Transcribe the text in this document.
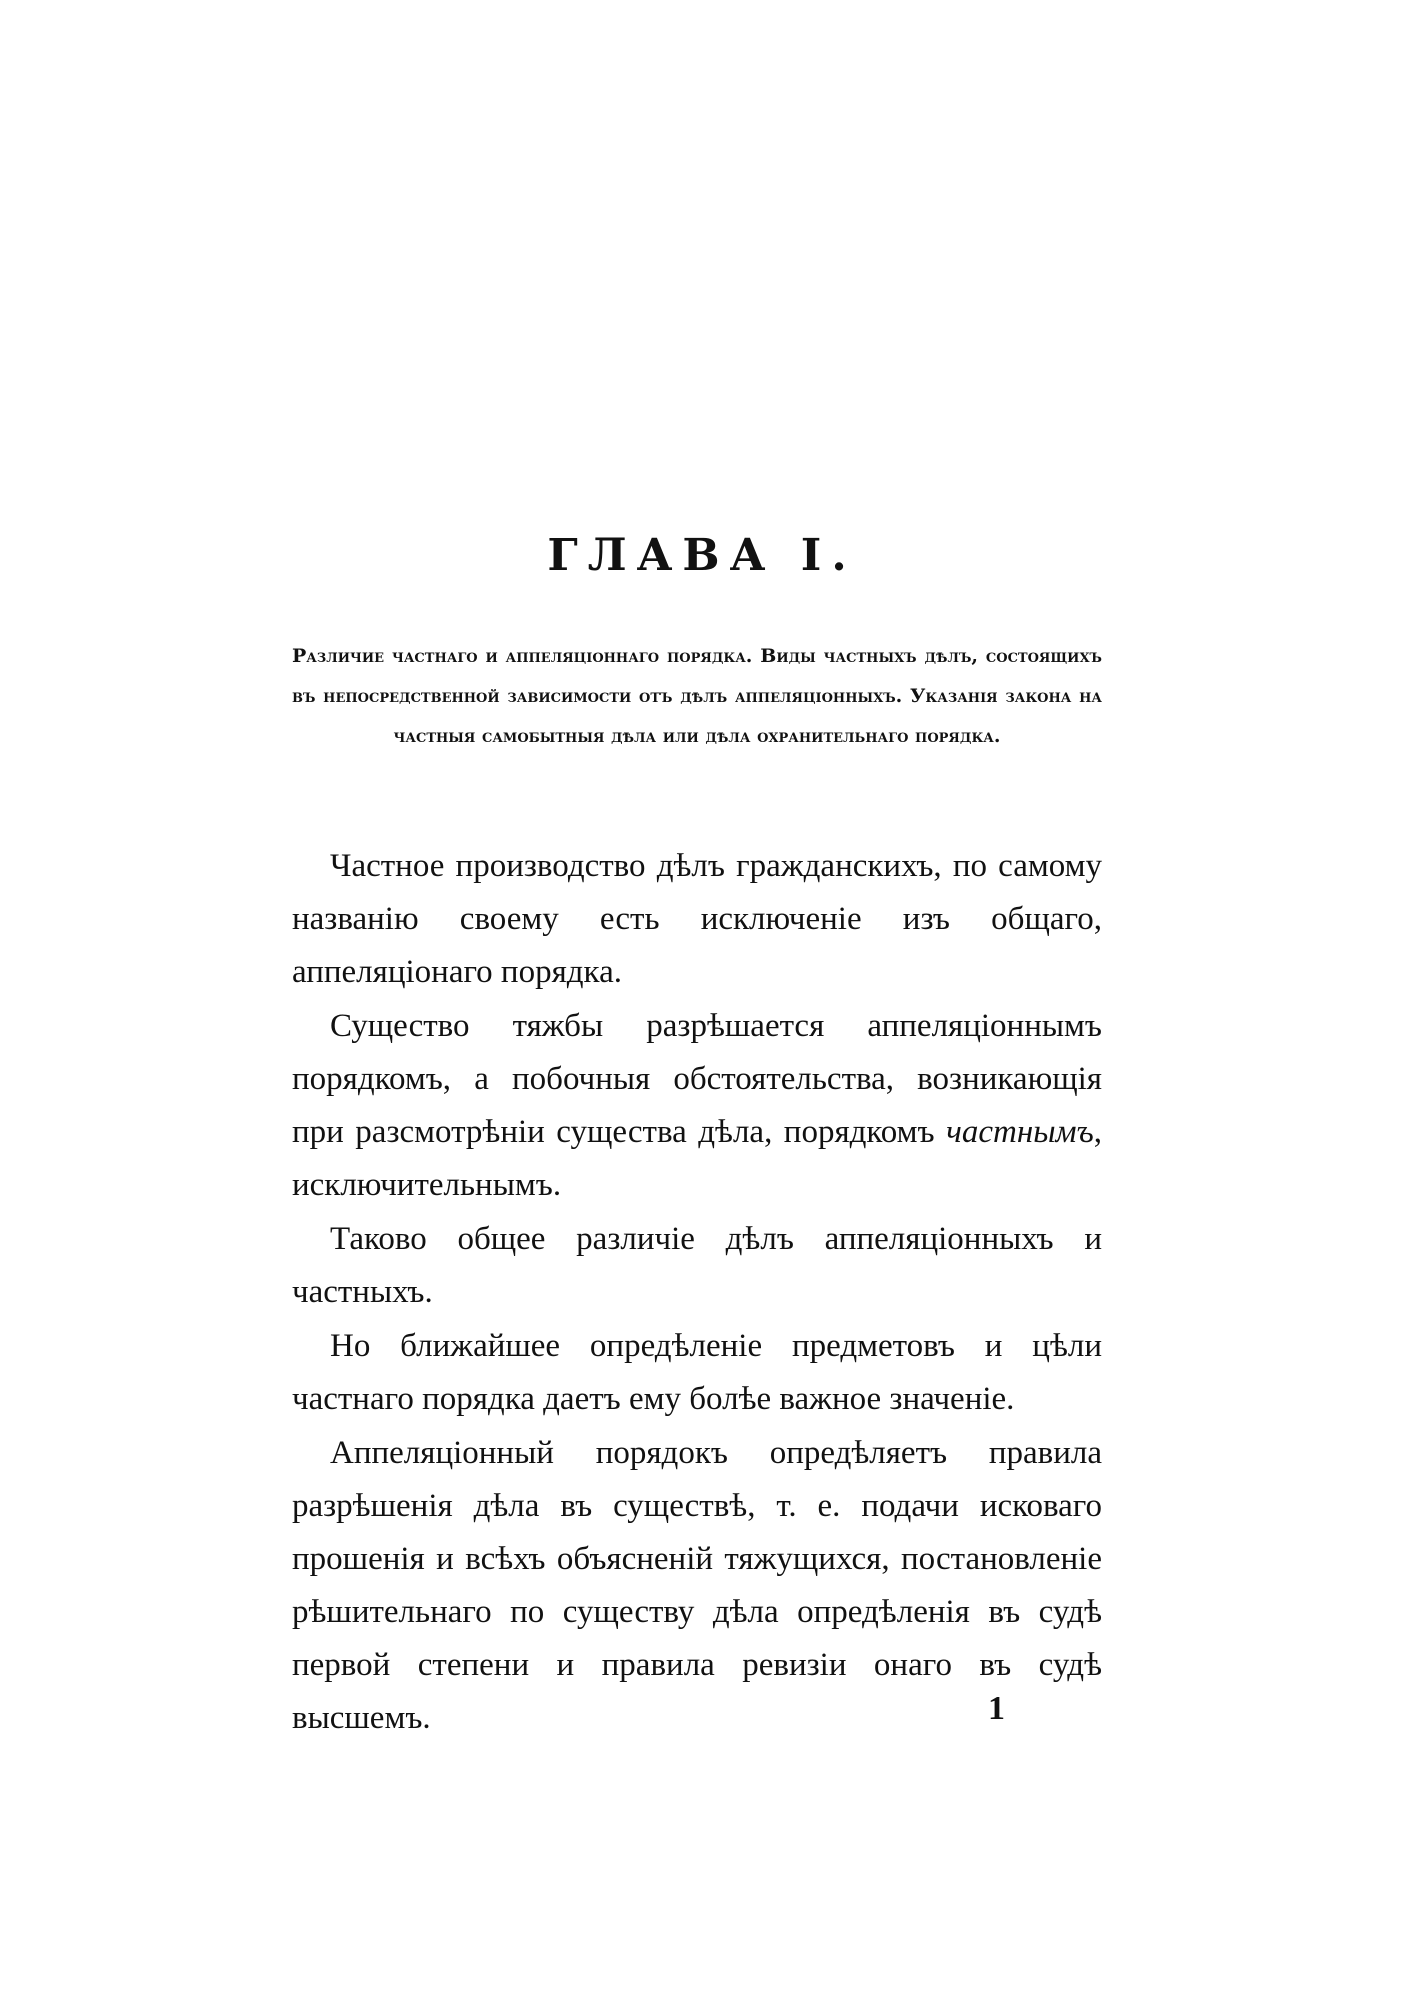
ГЛАВА I.

Различие частнаго и аппеляціоннаго порядка. Виды частныхъ дѣлъ, состоящихъ въ непосредственной зависимости отъ дѣлъ аппеляціонныхъ. Указанія закона на частныя самобытныя дѣла или дѣла охранительнаго порядка.

Частное производство дѣлъ гражданскихъ, по самому названію своему есть исключеніе изъ общаго, аппеляціонаго порядка.

Существо тяжбы разрѣшается аппеляціоннымъ порядкомъ, а побочныя обстоятельства, возникающія при разсмотрѣніи существа дѣла, порядкомъ частнымъ, исключительнымъ.

Таково общее различіе дѣлъ аппеляціонныхъ и частныхъ.

Но ближайшее опредѣленіе предметовъ и цѣли частнаго порядка даетъ ему болѣе важное значеніе.

Аппеляціонный порядокъ опредѣляетъ правила разрѣшенія дѣла въ существѣ, т. е. подачи исковаго прошенія и всѣхъ объясненій тяжущихся, постановленіе рѣшительнаго по существу дѣла опредѣленія въ судѣ первой степени и правила ревизіи онаго въ судѣ высшемъ.	1
